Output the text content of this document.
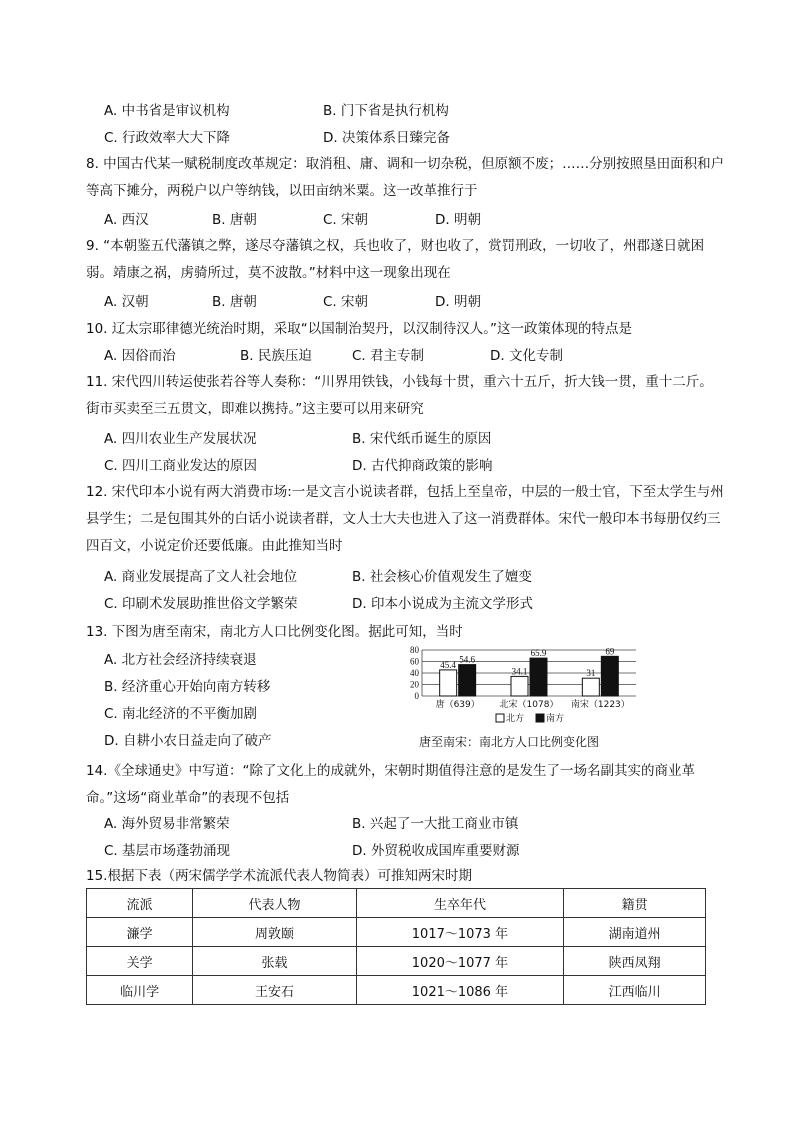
A. 中书省是审议机构	B. 门下省是执行机构
C. 行政效率大大下降	D. 决策体系日臻完备
8. 中国古代某一赋税制度改革规定：取消租、庸、调和一切杂税，但原额不废；……分别按照垦田面积和户等高下摊分，两税户以户等纳钱，以田亩纳米粟。这一改革推行于
A. 西汉	B. 唐朝	C. 宋朝	D. 明朝
9. “本朝鉴五代藩镇之弊，遂尽夺藩镇之权，兵也收了，财也收了，赏罚刑政，一切收了，州郡遂日就困弱。靖康之祸，虏骑所过，莫不波散。”材料中这一现象出现在
A. 汉朝	B. 唐朝	C. 宋朝	D. 明朝
10. 辽太宗耶律德光统治时期，采取“以国制治契丹，以汉制待汉人。”这一政策体现的特点是
A. 因俗而治	B. 民族压迫	C. 君主专制	D. 文化专制
11. 宋代四川转运使张若谷等人奏称：“川界用铁钱，小钱每十贯，重六十五斤，折大钱一贯，重十二斤。街市买卖至三五贯文，即难以携持。”这主要可以用来研究
A. 四川农业生产发展状况	B. 宋代纸币诞生的原因
C. 四川工商业发达的原因	D. 古代抑商政策的影响
12. 宋代印本小说有两大消费市场:一是文言小说读者群，包括上至皇帝，中层的一般士官，下至太学生与州县学生；二是包围其外的白话小说读者群，文人士大夫也进入了这一消费群体。宋代一般印本书每册仅约三四百文，小说定价还要低廉。由此推知当时
A. 商业发展提高了文人社会地位	B. 社会核心价值观发生了嬗变
C. 印刷术发展助推世俗文学繁荣	D. 印本小说成为主流文学形式
13. 下图为唐至南宋，南北方人口比例变化图。据此可知，当时
A. 北方社会经济持续衰退
B. 经济重心开始向南方转移
C. 南北经济的不平衡加剧
D. 自耕小农日益走向了破产
80
60
40
20
0
45.4
54.6
唐（639）
34.1
65.9
北宋（1078）
31
69
南宋（1223）
北方 南方
唐至南宋：南北方人口比例变化图
14.《全球通史》中写道：“除了文化上的成就外，宋朝时期值得注意的是发生了一场名副其实的商业革命。”这场“商业革命”的表现不包括
A. 海外贸易非常繁荣	B. 兴起了一大批工商业市镇
C. 基层市场蓬勃涌现	D. 外贸税收成国库重要财源
15.根据下表（两宋儒学学术流派代表人物简表）可推知两宋时期
流派	代表人物	生卒年代	籍贯
濂学	周敦颐	1017～1073 年	湖南道州
关学	张载	1020～1077 年	陕西凤翔
临川学	王安石	1021～1086 年	江西临川
